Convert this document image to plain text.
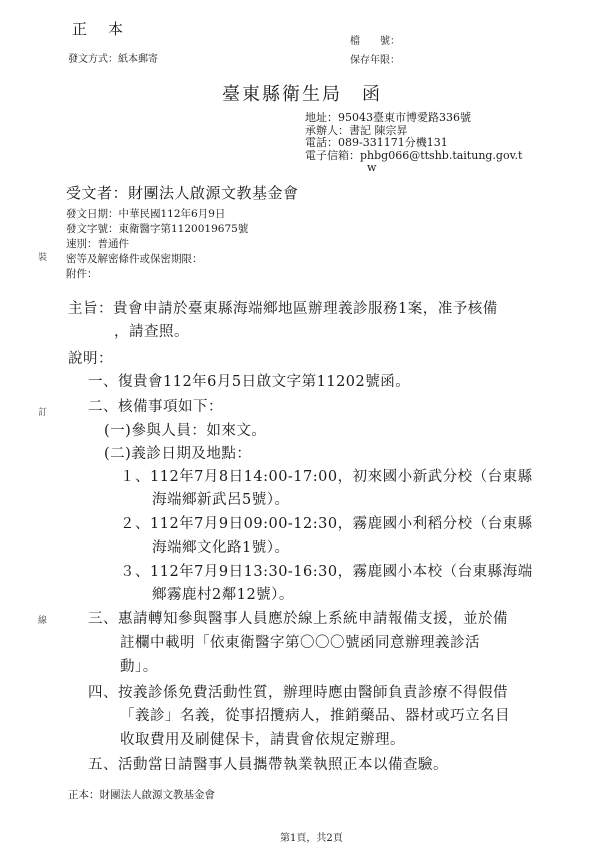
正　本
發文方式：紙本郵寄
檔　　號：
保存年限：
臺東縣衛生局　函
地址：95043臺東市博愛路336號
承辦人：書記 陳宗昇
電話：089-331171分機131
電子信箱：phbg066@ttshb.taitung.gov.t
w
受文者：財團法人啟源文教基金會
發文日期：中華民國112年6月9日
發文字號：東衛醫字第1120019675號
速別：普通件
密等及解密條件或保密期限：
附件：
裝
訂
線
主旨：貴會申請於臺東縣海端鄉地區辦理義診服務1案，准予核備
，請查照。
說明：
一、復貴會112年6月5日啟文字第11202號函。
二、核備事項如下：
(一)參與人員：如來文。
(二)義診日期及地點：
１、112年7月8日14:00-17:00，初來國小新武分校（台東縣
海端鄉新武呂5號）。
２、112年7月9日09:00-12:30，霧鹿國小利稻分校（台東縣
海端鄉文化路1號）。
３、112年7月9日13:30-16:30，霧鹿國小本校（台東縣海端
鄉霧鹿村2鄰12號）。
三、惠請轉知參與醫事人員應於線上系統申請報備支援，並於備
註欄中載明「依東衛醫字第〇〇〇號函同意辦理義診活
動」。
四、按義診係免費活動性質，辦理時應由醫師負責診療不得假借
「義診」名義，從事招攬病人，推銷藥品、器材或巧立名目
收取費用及刷健保卡，請貴會依規定辦理。
五、活動當日請醫事人員攜帶執業執照正本以備查驗。
正本：財團法人啟源文教基金會
第1頁，共2頁
